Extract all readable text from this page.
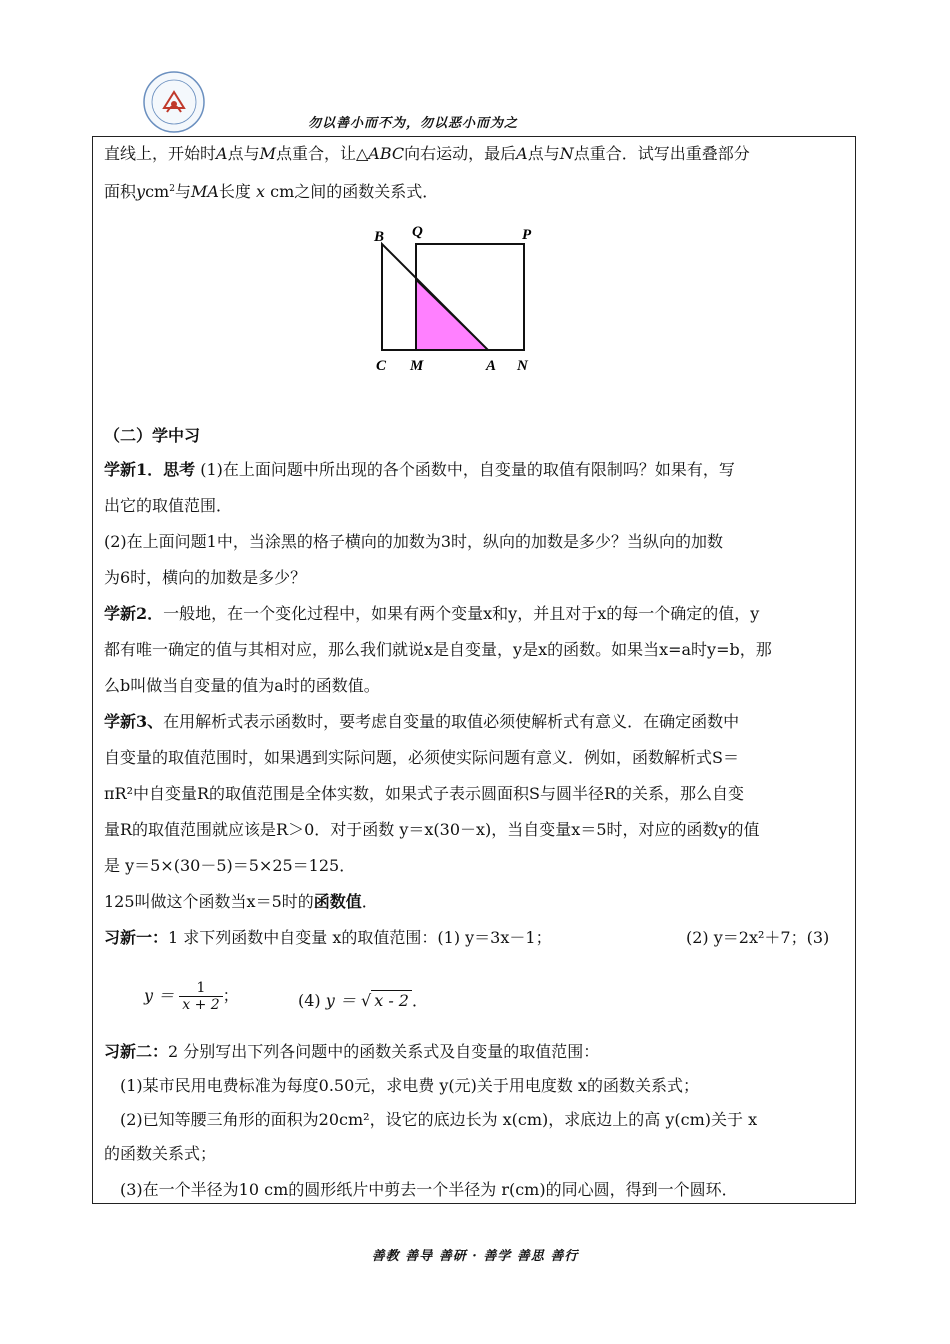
勿以善小而不为，勿以恶小而为之
直线上，开始时A点与M点重合，让△ABC向右运动，最后A点与N点重合．试写出重叠部分
面积ycm$^2$与MA长度 x cm之间的函数关系式．
B Q	P
C M	A N
（二）学中习
学新1．思考 (1)在上面问题中所出现的各个函数中，自变量的取值有限制吗？如果有，写
出它的取值范围．
(2)在上面问题1中，当涂黑的格子横向的加数为3时，纵向的加数是多少？当纵向的加数
为6时，横向的加数是多少？
学新2．一般地，在一个变化过程中，如果有两个变量x和y，并且对于x的每一个确定的值，y
都有唯一确定的值与其相对应，那么我们就说x是自变量，y是x的函数。如果当x=a时y=b，那
么b叫做当自变量的值为a时的函数值。
学新3、在用解析式表示函数时，要考虑自变量的取值必须使解析式有意义．在确定函数中
自变量的取值范围时，如果遇到实际问题，必须使实际问题有意义．例如，函数解析式S＝
πR²中自变量R的取值范围是全体实数，如果式子表示圆面积S与圆半径R的关系，那么自变
量R的取值范围就应该是R＞0．对于函数 y＝x(30－x)，当自变量x＝5时，对应的函数y的值
是 y＝5×(30－5)＝5×25＝125．
125叫做这个函数当x＝5时的函数值．
习新一：1 求下列函数中自变量 x的取值范围：(1) y＝3x－1；	(2) y＝2x²＋7；(3)
$y = \frac{1}{x + 2}$ ；	(4) y ＝ √ x - 2 ．
习新二：2 分别写出下列各问题中的函数关系式及自变量的取值范围：
(1)某市民用电费标准为每度0.50元，求电费 y(元)关于用电度数 x的函数关系式；
(2)已知等腰三角形的面积为20cm²，设它的底边长为 x(cm)，求底边上的高 y(cm)关于 x
的函数关系式；
(3)在一个半径为10 cm的圆形纸片中剪去一个半径为 r(cm)的同心圆，得到一个圆环．
善教 善导 善研 · 善学 善思 善行
